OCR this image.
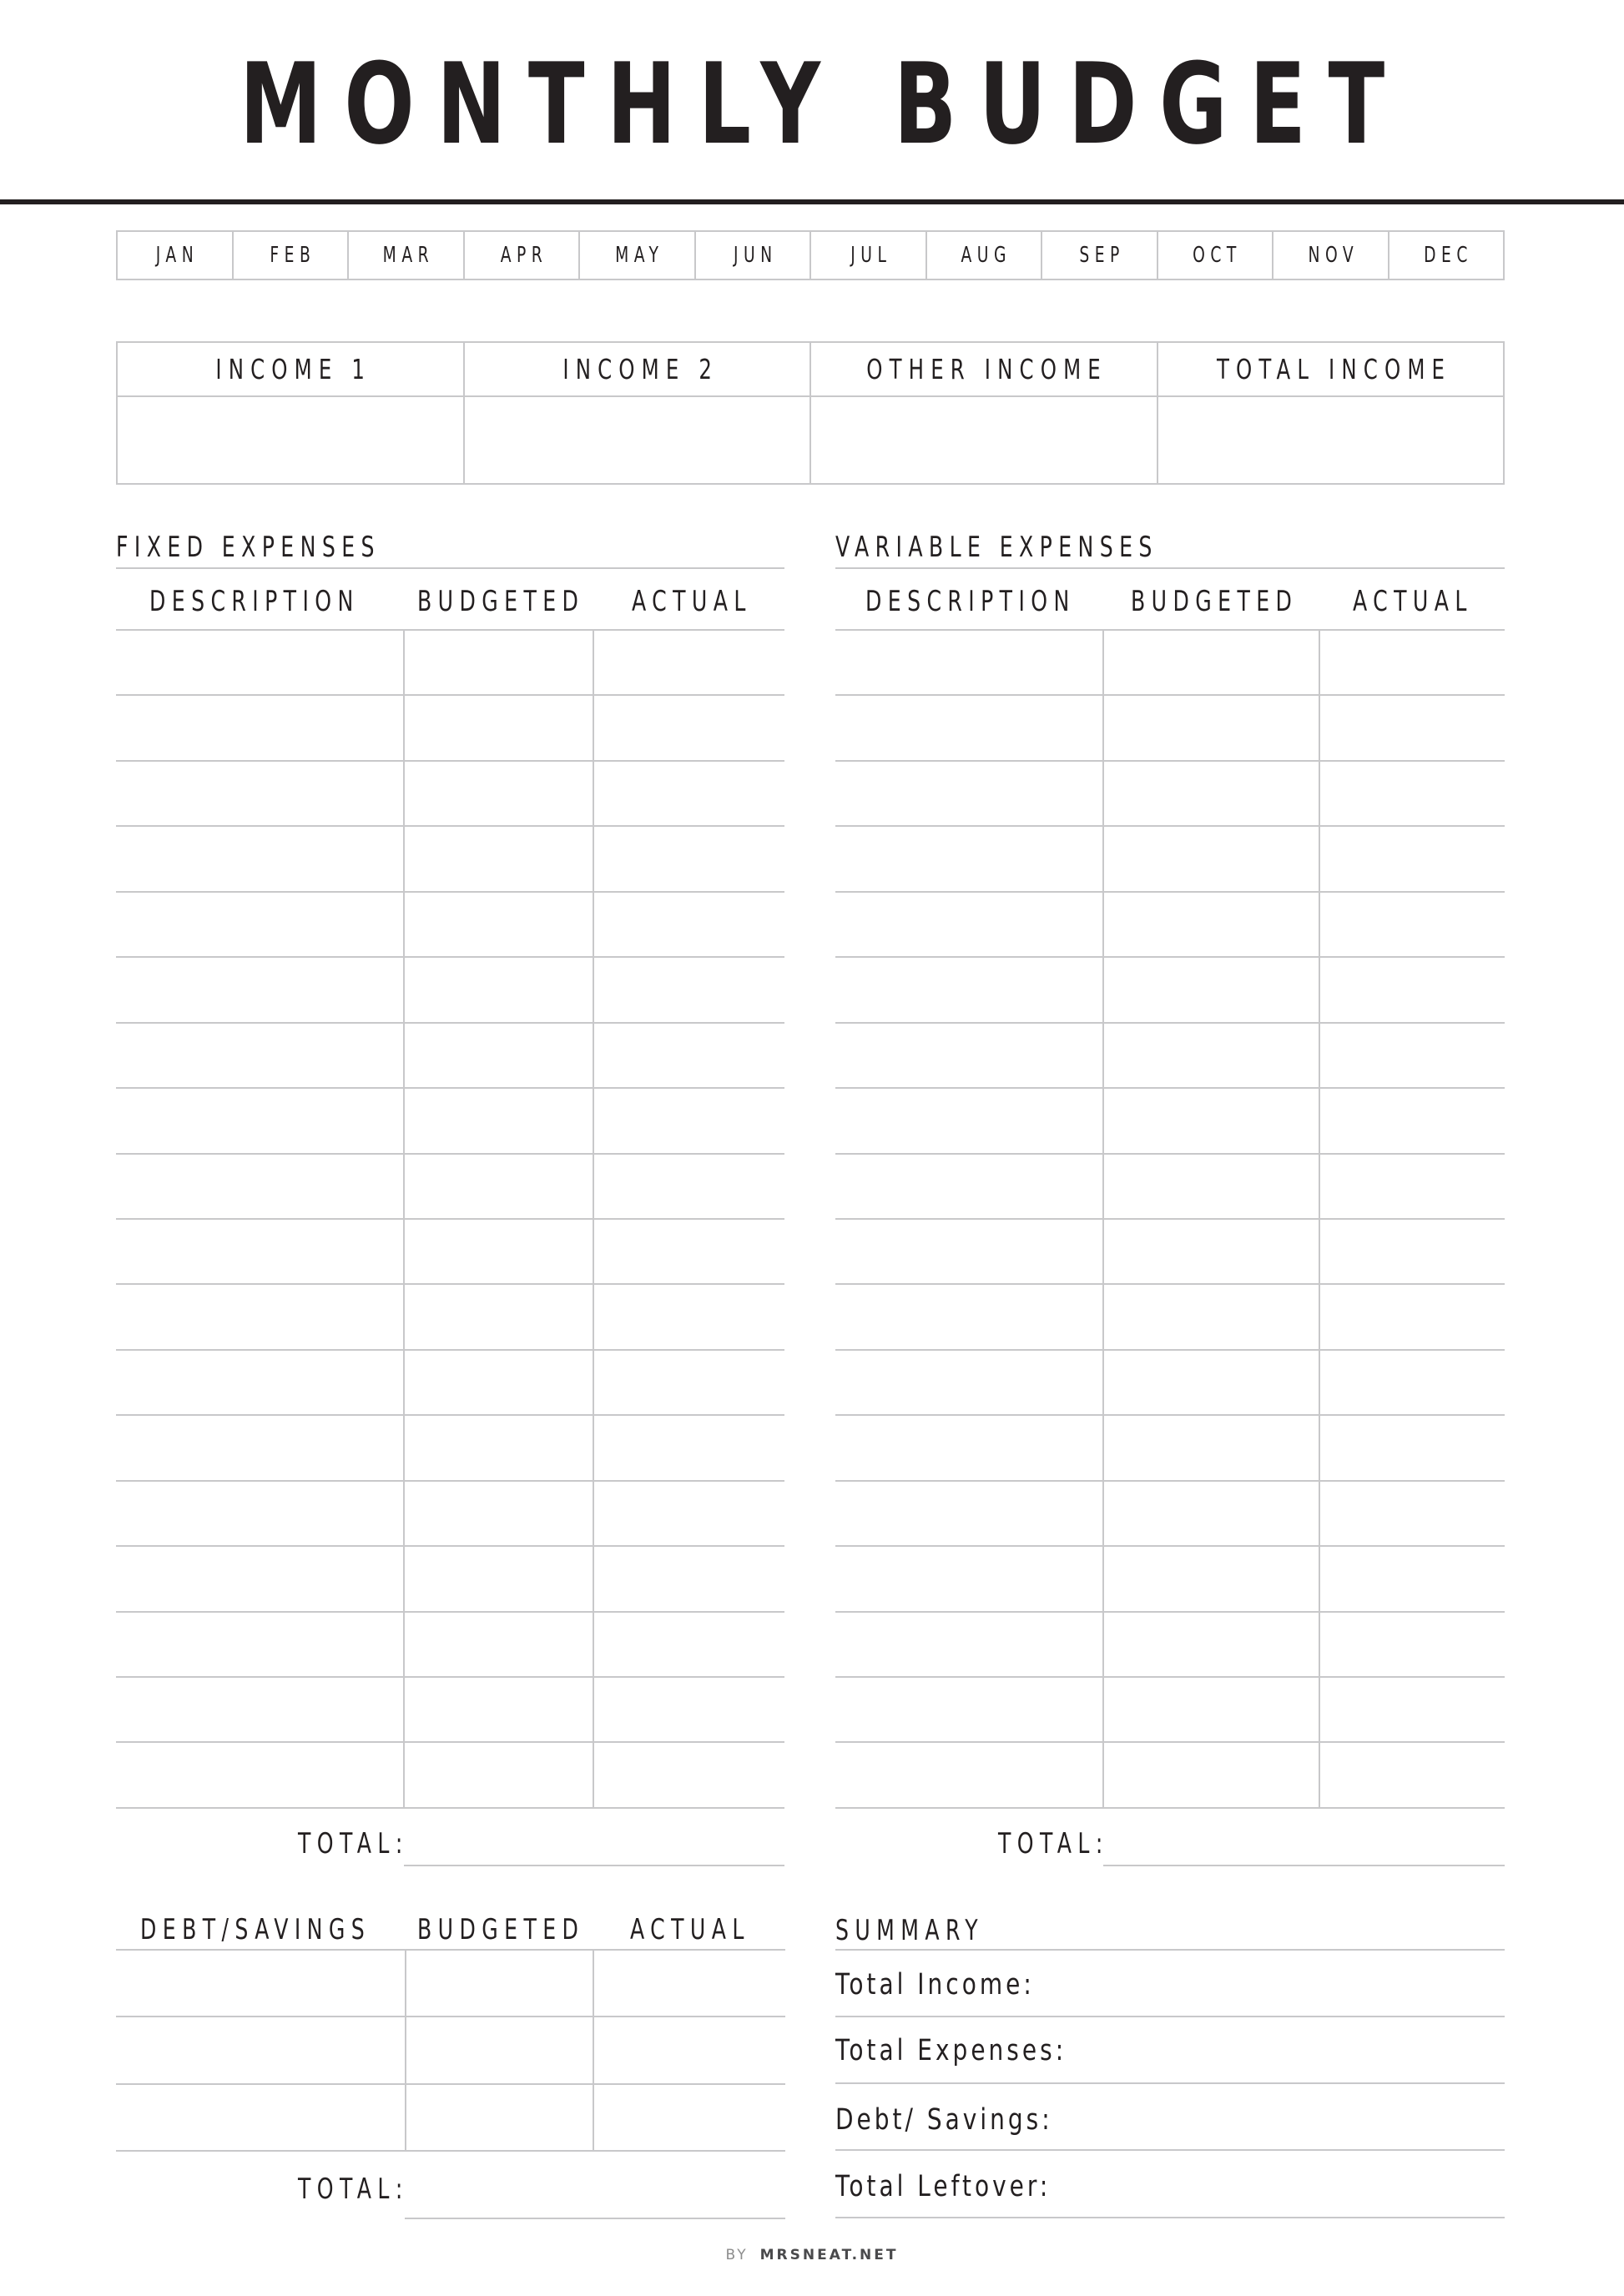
MONTHLY BUDGET
JAN	FEB	MAR	APR	MAY	JUN	JUL	AUG	SEP	OCT	NOV	DEC
INCOME 1	INCOME 2	OTHER INCOME	TOTAL INCOME
FIXED EXPENSES
DESCRIPTION	BUDGETED	ACTUAL
TOTAL:
VARIABLE EXPENSES
DESCRIPTION	BUDGETED	ACTUAL
TOTAL:
DEBT/SAVINGS	BUDGETED	ACTUAL
TOTAL:
SUMMARY
Total Income:
Total Expenses:
Debt/ Savings:
Total Leftover:
BY MRSNEAT.NET
